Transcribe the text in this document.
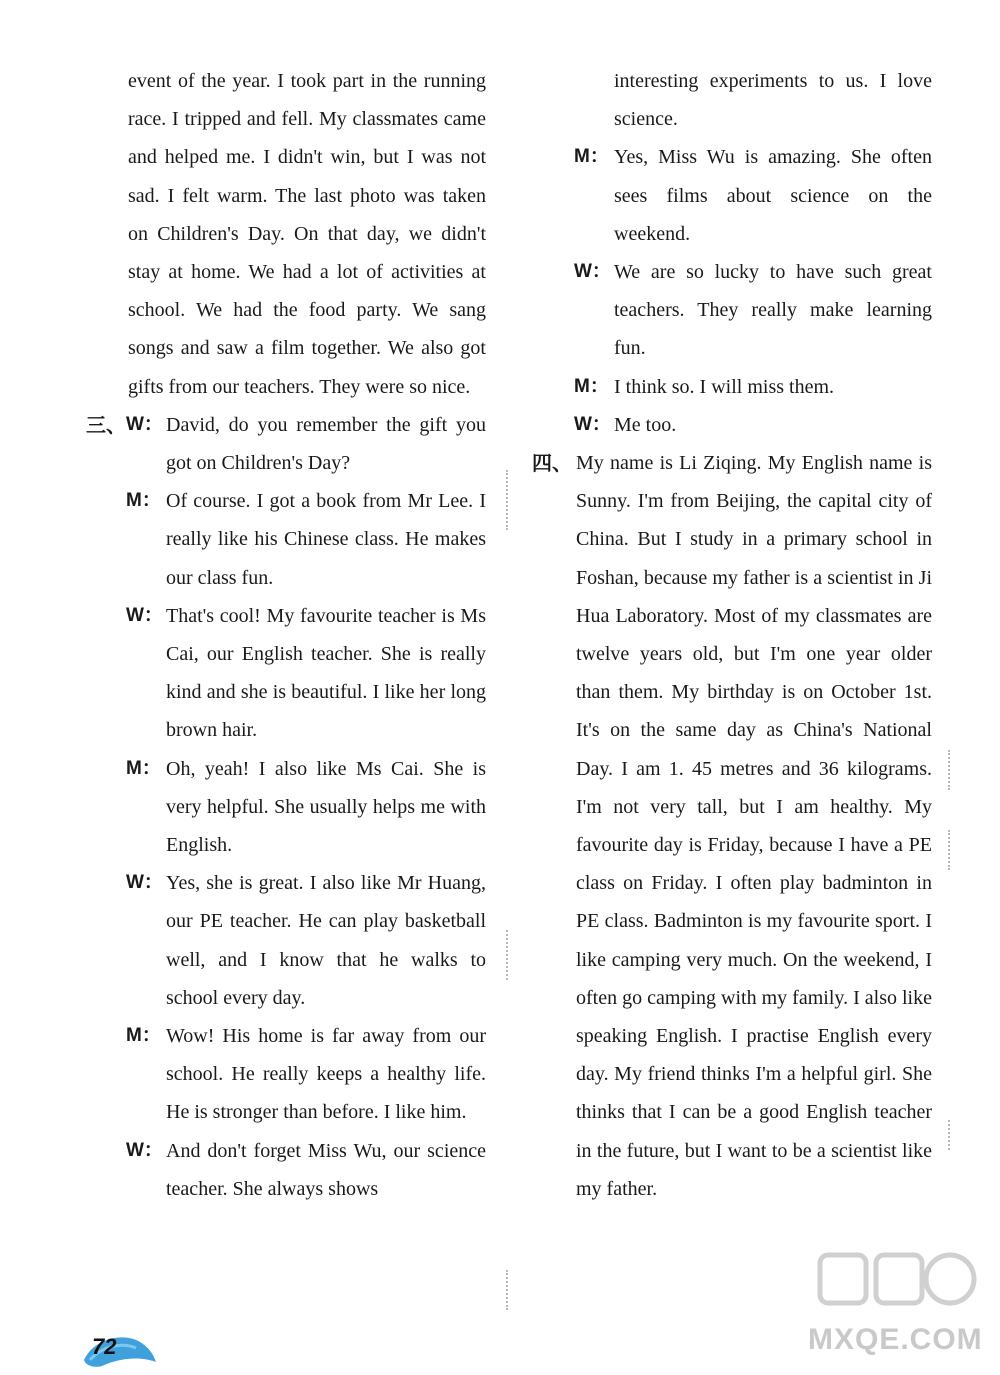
event of the year. I took part in the running race. I tripped and fell. My classmates came and helped me. I didn't win, but I was not sad. I felt warm. The last photo was taken on Children's Day. On that day, we didn't stay at home. We had a lot of activities at school. We had the food party. We sang songs and saw a film together. We also got gifts from our teachers. They were so nice.

三、 W： David, do you remember the gift you got on Children's Day?
M： Of course. I got a book from Mr Lee. I really like his Chinese class. He makes our class fun.
W： That's cool! My favourite teacher is Ms Cai, our English teacher. She is really kind and she is beautiful. I like her long brown hair.
M： Oh, yeah! I also like Ms Cai. She is very helpful. She usually helps me with English.
W： Yes, she is great. I also like Mr Huang, our PE teacher. He can play basketball well, and I know that he walks to school every day.
M： Wow! His home is far away from our school. He really keeps a healthy life. He is stronger than before. I like him.
W： And don't forget Miss Wu, our science teacher. She always shows

interesting experiments to us. I love science.

M： Yes, Miss Wu is amazing. She often sees films about science on the weekend.
W： We are so lucky to have such great teachers. They really make learning fun.
M： I think so. I will miss them.
W： Me too.
四、 My name is Li Ziqing. My English name is Sunny. I'm from Beijing, the capital city of China. But I study in a primary school in Foshan, because my father is a scientist in Ji Hua Laboratory. Most of my classmates are twelve years old, but I'm one year older than them. My birthday is on October 1st. It's on the same day as China's National Day. I am 1. 45 metres and 36 kilograms. I'm not very tall, but I am healthy. My favourite day is Friday, because I have a PE class on Friday. I often play badminton in PE class. Badminton is my favourite sport. I like camping very much. On the weekend, I often go camping with my family. I also like speaking English. I practise English every day. My friend thinks I'm a helpful girl. She thinks that I can be a good English teacher in the future, but I want to be a scientist like my father.
72	MXQE.COM
